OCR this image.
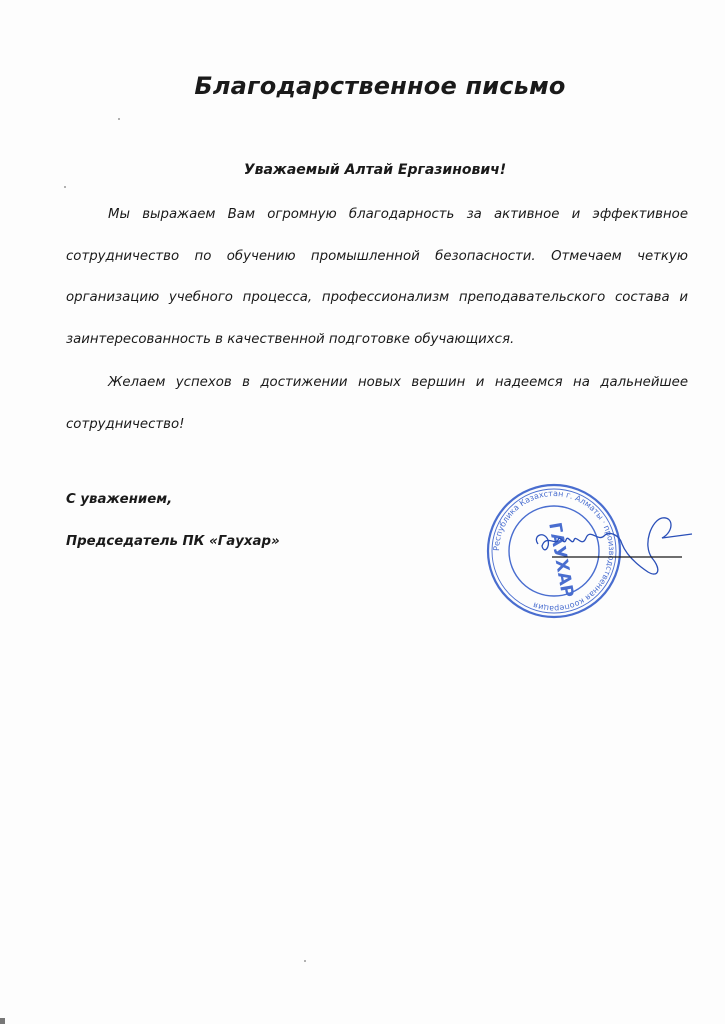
Благодарственное письмо
Уважаемый Алтай Ергазинович!

Мы выражаем Вам огромную благодарность за активное и эффективное сотрудничество по обучению промышленной безопасности. Отмечаем четкую организацию учебного процесса, профессионализм преподавательского состава и заинтересованность в качественной подготовке обучающихся.

Желаем успехов в достижении новых вершин и надеемся на дальнейшее сотрудничество!

С уважением,
Председатель ПК «Гаухар»	Республика Казахстан г. Алматы · производственная кооперация
ГАУХАР
